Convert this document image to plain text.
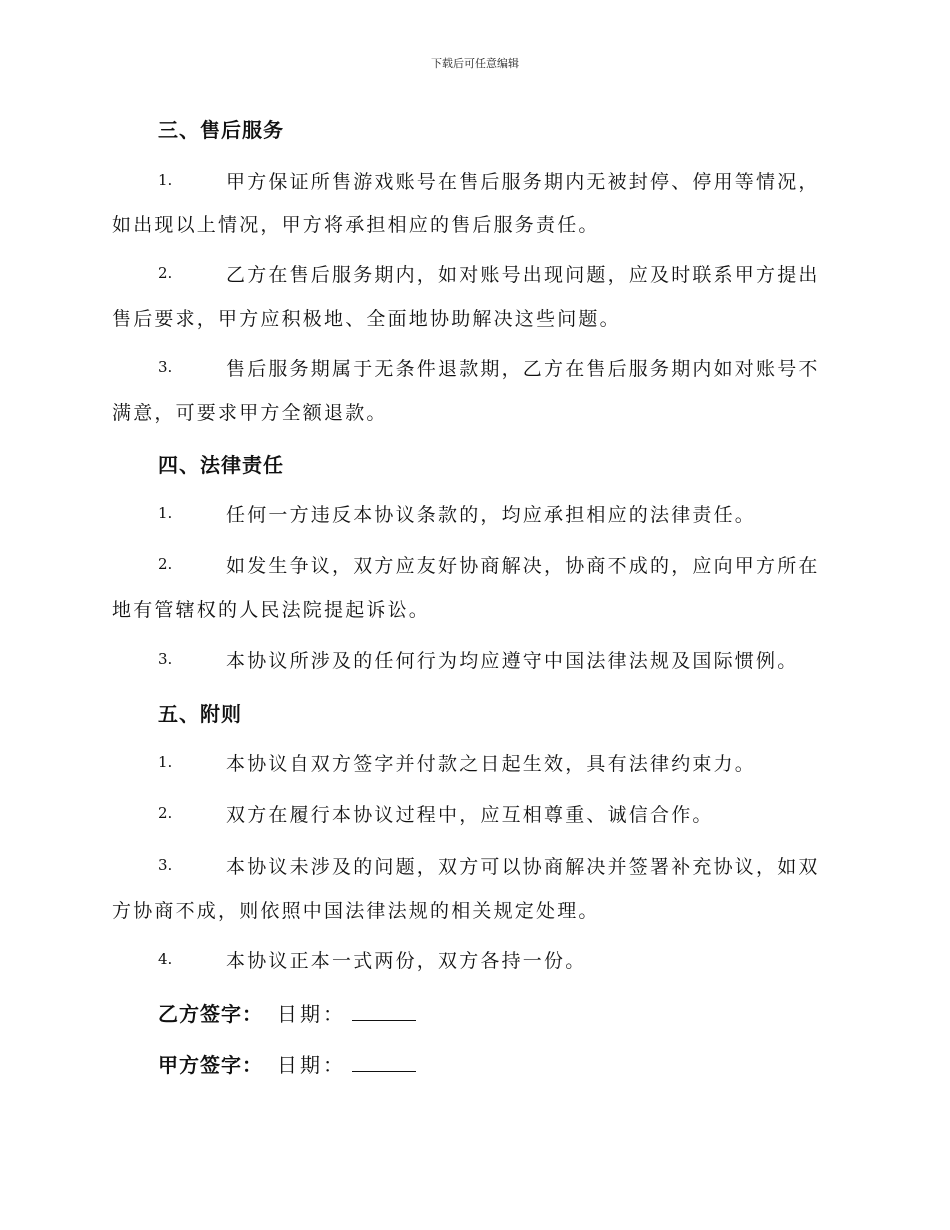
下载后可任意编辑
三、售后服务
1.	甲方保证所售游戏账号在售后服务期内无被封停、停用等情况，
如出现以上情况，甲方将承担相应的售后服务责任。
2.	乙方在售后服务期内，如对账号出现问题，应及时联系甲方提出
售后要求，甲方应积极地、全面地协助解决这些问题。
3.	售后服务期属于无条件退款期，乙方在售后服务期内如对账号不
满意，可要求甲方全额退款。
四、法律责任
1.	任何一方违反本协议条款的，均应承担相应的法律责任。
2.	如发生争议，双方应友好协商解决，协商不成的，应向甲方所在
地有管辖权的人民法院提起诉讼。
3.	本协议所涉及的任何行为均应遵守中国法律法规及国际惯例。
五、附则
1.	本协议自双方签字并付款之日起生效，具有法律约束力。
2.	双方在履行本协议过程中，应互相尊重、诚信合作。
3.	本协议未涉及的问题，双方可以协商解决并签署补充协议，如双
方协商不成，则依照中国法律法规的相关规定处理。
4.	本协议正本一式两份，双方各持一份。
乙方签字： 日期：
甲方签字： 日期：
